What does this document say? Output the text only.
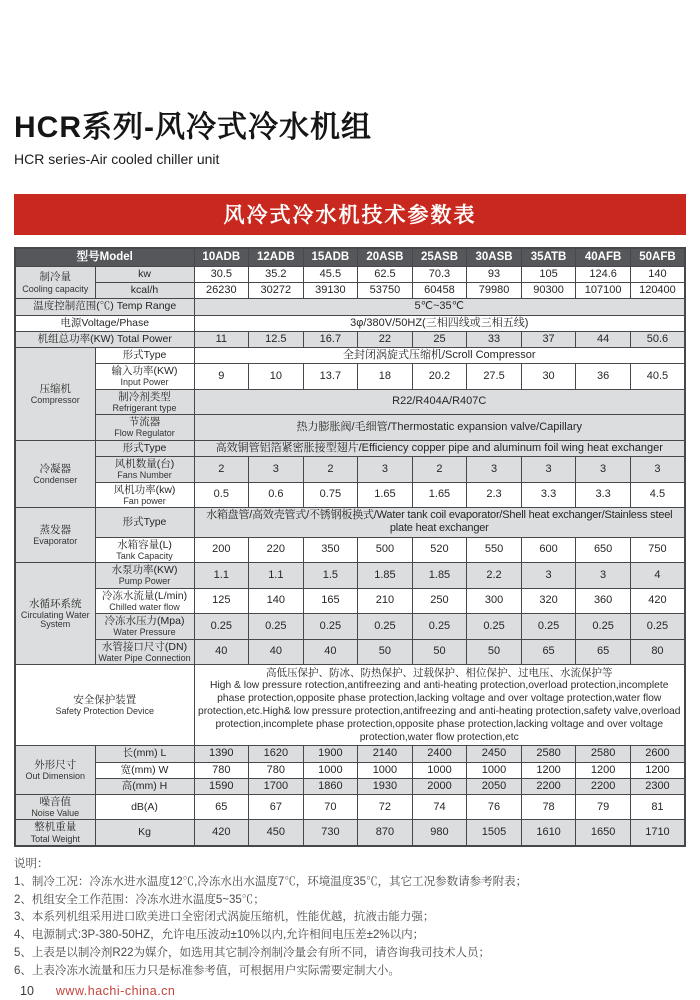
HCR系列-风冷式冷水机组
HCR series-Air cooled chiller unit
风冷式冷水机技术参数表
型号Model		10ADB	12ADB	15ADB	20ASB	25ASB	30ASB	35ATB	40AFB	50AFB

制冷量
Cooling capacity	kw	30.5	35.2	45.5	62.5	70.3	93	105	124.6	140

	kcal/h	26230	30272	39130	53750	60458	79980	90300	107100	120400

温度控制范围(℃) Temp Range		5℃~35℃								

电源Voltage/Phase		3φ/380V/50HZ(三相四线或三相五线)								

机组总功率(KW) Total Power		11	12.5	16.7	22	25	33	37	44	50.6

压缩机
Compressor	形式Type	全封闭涡旋式压缩机/Scroll Compressor								

	输入功率(KW)
Input Power	9	10	13.7	18	20.2	27.5	30	36	40.5

	制冷剂类型
Refrigerant type	R22/R404A/R407C								

	节流器
Flow Regulator	热力膨胀阀/毛细管/Thermostatic expansion valve/Capillary								

冷凝器
Condenser	形式Type	高效铜管铝箔紧密胀接型翅片/Efficiency copper pipe and aluminum foil wing heat exchanger								

	风机数量(台)
Fans Number	2	3	2	3	2	3	3	3	3

	风机功率(kw)
Fan power	0.5	0.6	0.75	1.65	1.65	2.3	3.3	3.3	4.5

蒸发器
Evaporator	形式Type	水箱盘管/高效壳管式/不锈钢板换式/Water tank coil evaporator/Shell heat exchanger/Stainless steel plate heat exchanger								

	水箱容量(L)
Tank Capacity	200	220	350	500	520	550	600	650	750

水循环系统
Circulating Water System	水泵功率(KW)
Pump Power	1.1	1.1	1.5	1.85	1.85	2.2	3	3	4

	冷冻水流量(L/min)
Chilled water flow	125	140	165	210	250	300	320	360	420

	冷冻水压力(Mpa)
Water Pressure	0.25	0.25	0.25	0.25	0.25	0.25	0.25	0.25	0.25

	水管接口尺寸(DN)
Water Pipe Connection	40	40	40	50	50	50	65	65	80

安全保护装置
Safety Protection Device		高低压保护、防冰、防热保护、过载保护、相位保护、过电压、水流保护等
High & low pressure rotection,antifreezing and anti-heating protection,overload protection,incomplete phase protection,opposite phase protection,lacking voltage and over voltage protection,water flow protection,etc.High& low pressure protection,antifreezing and anti-heating protection,safety valve,overload protection,incomplete phase protection,opposite phase protection,lacking voltage and over voltage protection,water flow protection,etc								

外形尺寸
Out Dimension	长(mm) L	1390	1620	1900	2140	2400	2450	2580	2580	2600

	宽(mm) W	780	780	1000	1000	1000	1000	1200	1200	1200

	高(mm) H	1590	1700	1860	1930	2000	2050	2200	2200	2300

噪音值
Noise Value	dB(A)	65	67	70	72	74	76	78	79	81

整机重量
Total Weight	Kg	420	450	730	870	980	1505	1610	1650	1710
说明：
1、制冷工况：冷冻水进水温度12℃,冷冻水出水温度7℃，环境温度35℃，其它工况参数请参考附表；
2、机组安全工作范围：冷冻水进水温度5~35℃；
3、本系列机组采用进口欧美进口全密闭式涡旋压缩机，性能优越，抗液击能力强；
4、电源制式:3P-380-50HZ，允许电压波动±10%以内,允许相间电压差±2%以内；
5、上表是以制冷剂R22为媒介，如选用其它制冷剂制冷量会有所不同，请咨询我司技术人员；
6、上表冷冻水流量和压力只是标准参考值，可根据用户实际需要定制大小。
10 www.hachi-china.cn
